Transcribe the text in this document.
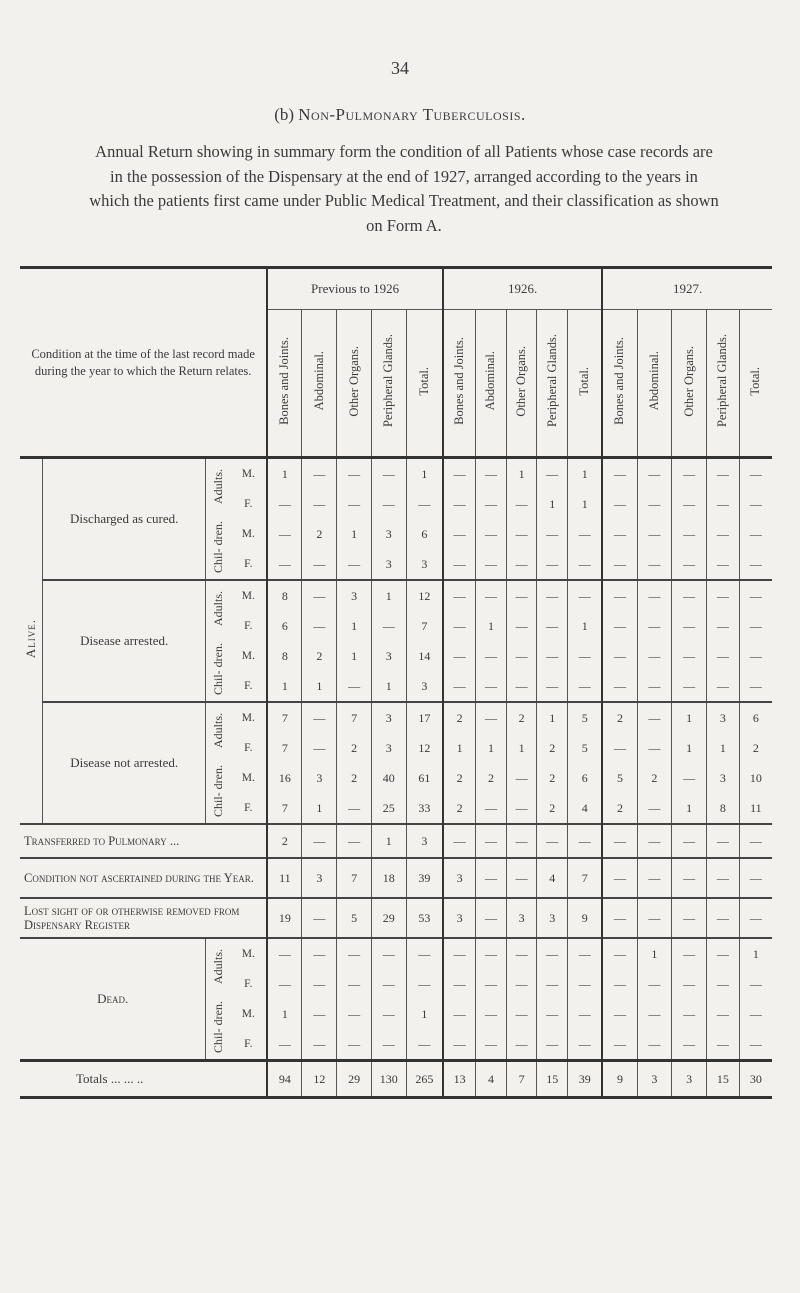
34
(b) Non-Pulmonary Tuberculosis.
Annual Return showing in summary form the condition of all Patients whose case records are in the possession of the Dispensary at the end of 1927, arranged according to the years in which the patients first came under Public Medical Treatment, and their classification as shown on Form A.
Condition at the time of the last record made during the year to which the Return relates.				Previous to 1926					1926.					1927.				
				Bones and Joints.	Abdominal.	Other Organs.	Peripheral Glands.	Total.	Bones and Joints.	Abdominal.	Other Organs.	Peripheral Glands.	Total.	Bones and Joints.	Abdominal.	Other Organs.	Peripheral Glands.	Total.
Alive.	Discharged as cured.	Adults.	M.	1	—	—	—	1	—	—	1	—	1	—	—	—	—	—
			F.	—	—	—	—	—	—	—	—	1	1	—	—	—	—	—
		Chil- dren.	M.	—	2	1	3	6	—	—	—	—	—	—	—	—	—	—
			F.	—	—	—	3	3	—	—	—	—	—	—	—	—	—	—
	Disease arrested.	Adults.	M.	8	—	3	1	12	—	—	—	—	—	—	—	—	—	—
			F.	6	—	1	—	7	—	1	—	—	1	—	—	—	—	—
		Chil- dren.	M.	8	2	1	3	14	—	—	—	—	—	—	—	—	—	—
			F.	1	1	—	1	3	—	—	—	—	—	—	—	—	—	—
	Disease not arrested.	Adults.	M.	7	—	7	3	17	2	—	2	1	5	2	—	1	3	6
			F.	7	—	2	3	12	1	1	1	2	5	—	—	1	1	2
		Chil- dren.	M.	16	3	2	40	61	2	2	—	2	6	5	2	—	3	10
			F.	7	1	—	25	33	2	—	—	2	4	2	—	1	8	11
Transferred to Pulmonary ...				2	—	—	1	3	—	—	—	—	—	—	—	—	—	—
Condition not ascertained during the Year.				11	3	7	18	39	3	—	—	4	7	—	—	—	—	—
Lost sight of or otherwise removed from Dispensary Register				19	—	5	29	53	3	—	3	3	9	—	—	—	—	—
Dead.		Adults.	M.	—	—	—	—	—	—	—	—	—	—	—	1	—	—	1
			F.	—	—	—	—	—	—	—	—	—	—	—	—	—	—	—
		Chil- dren.	M.	1	—	—	—	1	—	—	—	—	—	—	—	—	—	—
			F.	—	—	—	—	—	—	—	—	—	—	—	—	—	—	—
Totals ... ... ..				94	12	29	130	265	13	4	7	15	39	9	3	3	15	30
